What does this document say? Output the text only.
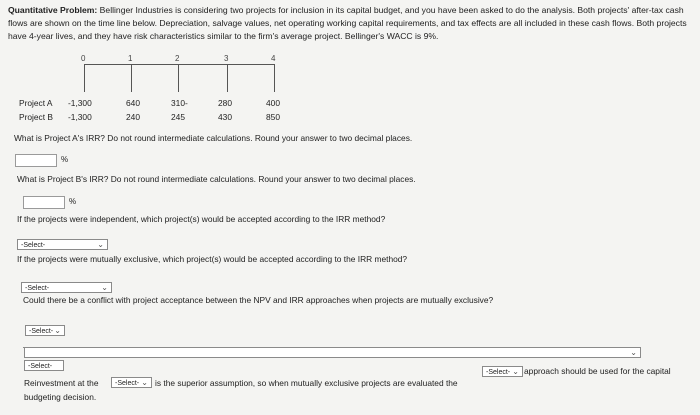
Quantitative Problem: Bellinger Industries is considering two projects for inclusion in its capital budget, and you have been asked to do the analysis. Both projects' after-tax cash flows are shown on the time line below. Depreciation, salvage values, net operating working capital requirements, and tax effects are all included in these cash flows. Both projects have 4-year lives, and they have risk characteristics similar to the firm's average project. Bellinger's WACC is 9%.
0	1	2	3	4
Project A -1,300	640	310-	280	400
Project B -1,300	240	245	430	850
What is Project A's IRR? Do not round intermediate calculations. Round your answer to two decimal places.
%
What is Project B's IRR? Do not round intermediate calculations. Round your answer to two decimal places.
%
If the projects were independent, which project(s) would be accepted according to the IRR method?
-Select-	⌄
If the projects were mutually exclusive, which project(s) would be accepted according to the IRR method?
-Select-	⌄
Could there be a conflict with project acceptance between the NPV and IRR approaches when projects are mutually exclusive?
-Select- ⌄
⌄
-Select-
Reinvestment at the	-Select- ⌄ is the superior assumption, so when mutually exclusive projects are evaluated the
-Select- ⌄ approach should be used for the capital
budgeting decision.
